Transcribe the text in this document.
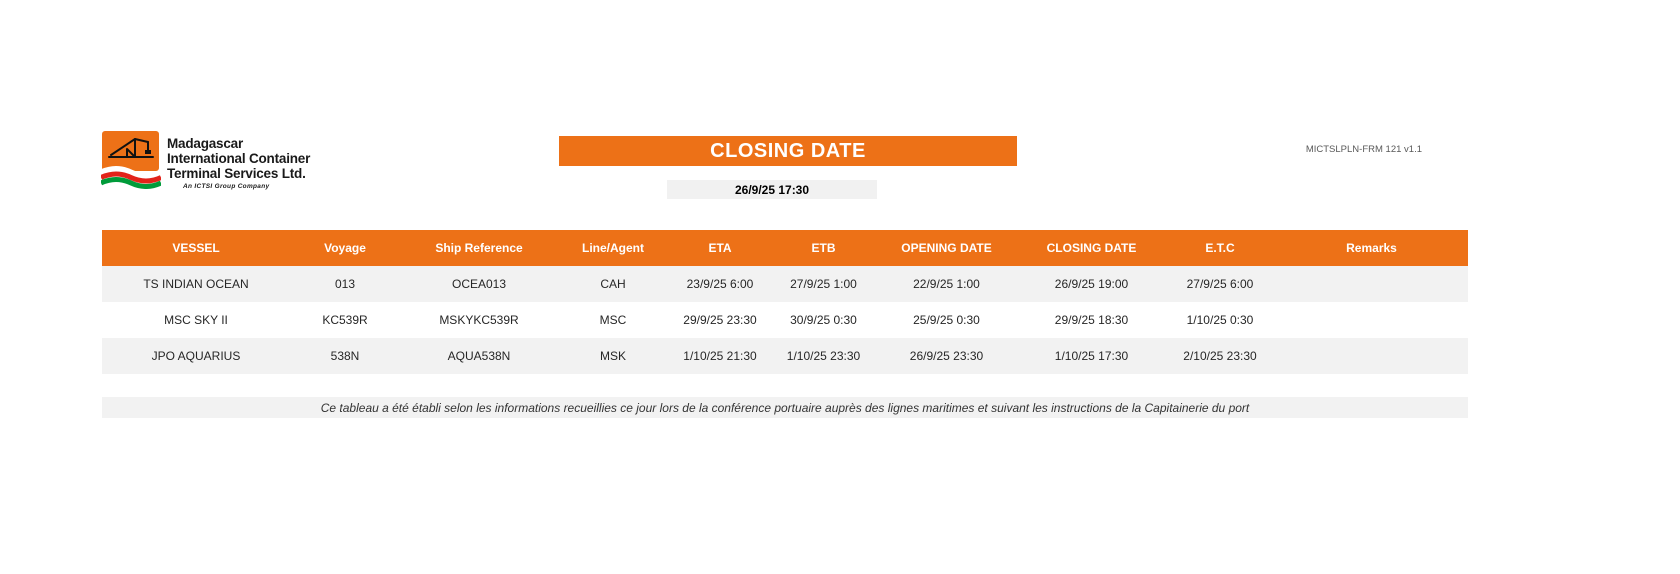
Madagascar
International Container
Terminal Services Ltd.
An ICTSI Group Company
CLOSING DATE	MICTSLPLN-FRM 121 v1.1
26/9/25 17:30
VESSEL	Voyage	Ship Reference	Line/Agent	ETA	ETB	OPENING DATE	CLOSING DATE	E.T.C	Remarks
TS INDIAN OCEAN	013	OCEA013	CAH	23/9/25 6:00	27/9/25 1:00	22/9/25 1:00	26/9/25 19:00	27/9/25 6:00	
MSC SKY II	KC539R	MSKYKC539R	MSC	29/9/25 23:30	30/9/25 0:30	25/9/25 0:30	29/9/25 18:30	1/10/25 0:30	
JPO AQUARIUS	538N	AQUA538N	MSK	1/10/25 21:30	1/10/25 23:30	26/9/25 23:30	1/10/25 17:30	2/10/25 23:30	
Ce tableau a été établi selon les informations recueillies ce jour lors de la conférence portuaire auprès des lignes maritimes et suivant les instructions de la Capitainerie du port
